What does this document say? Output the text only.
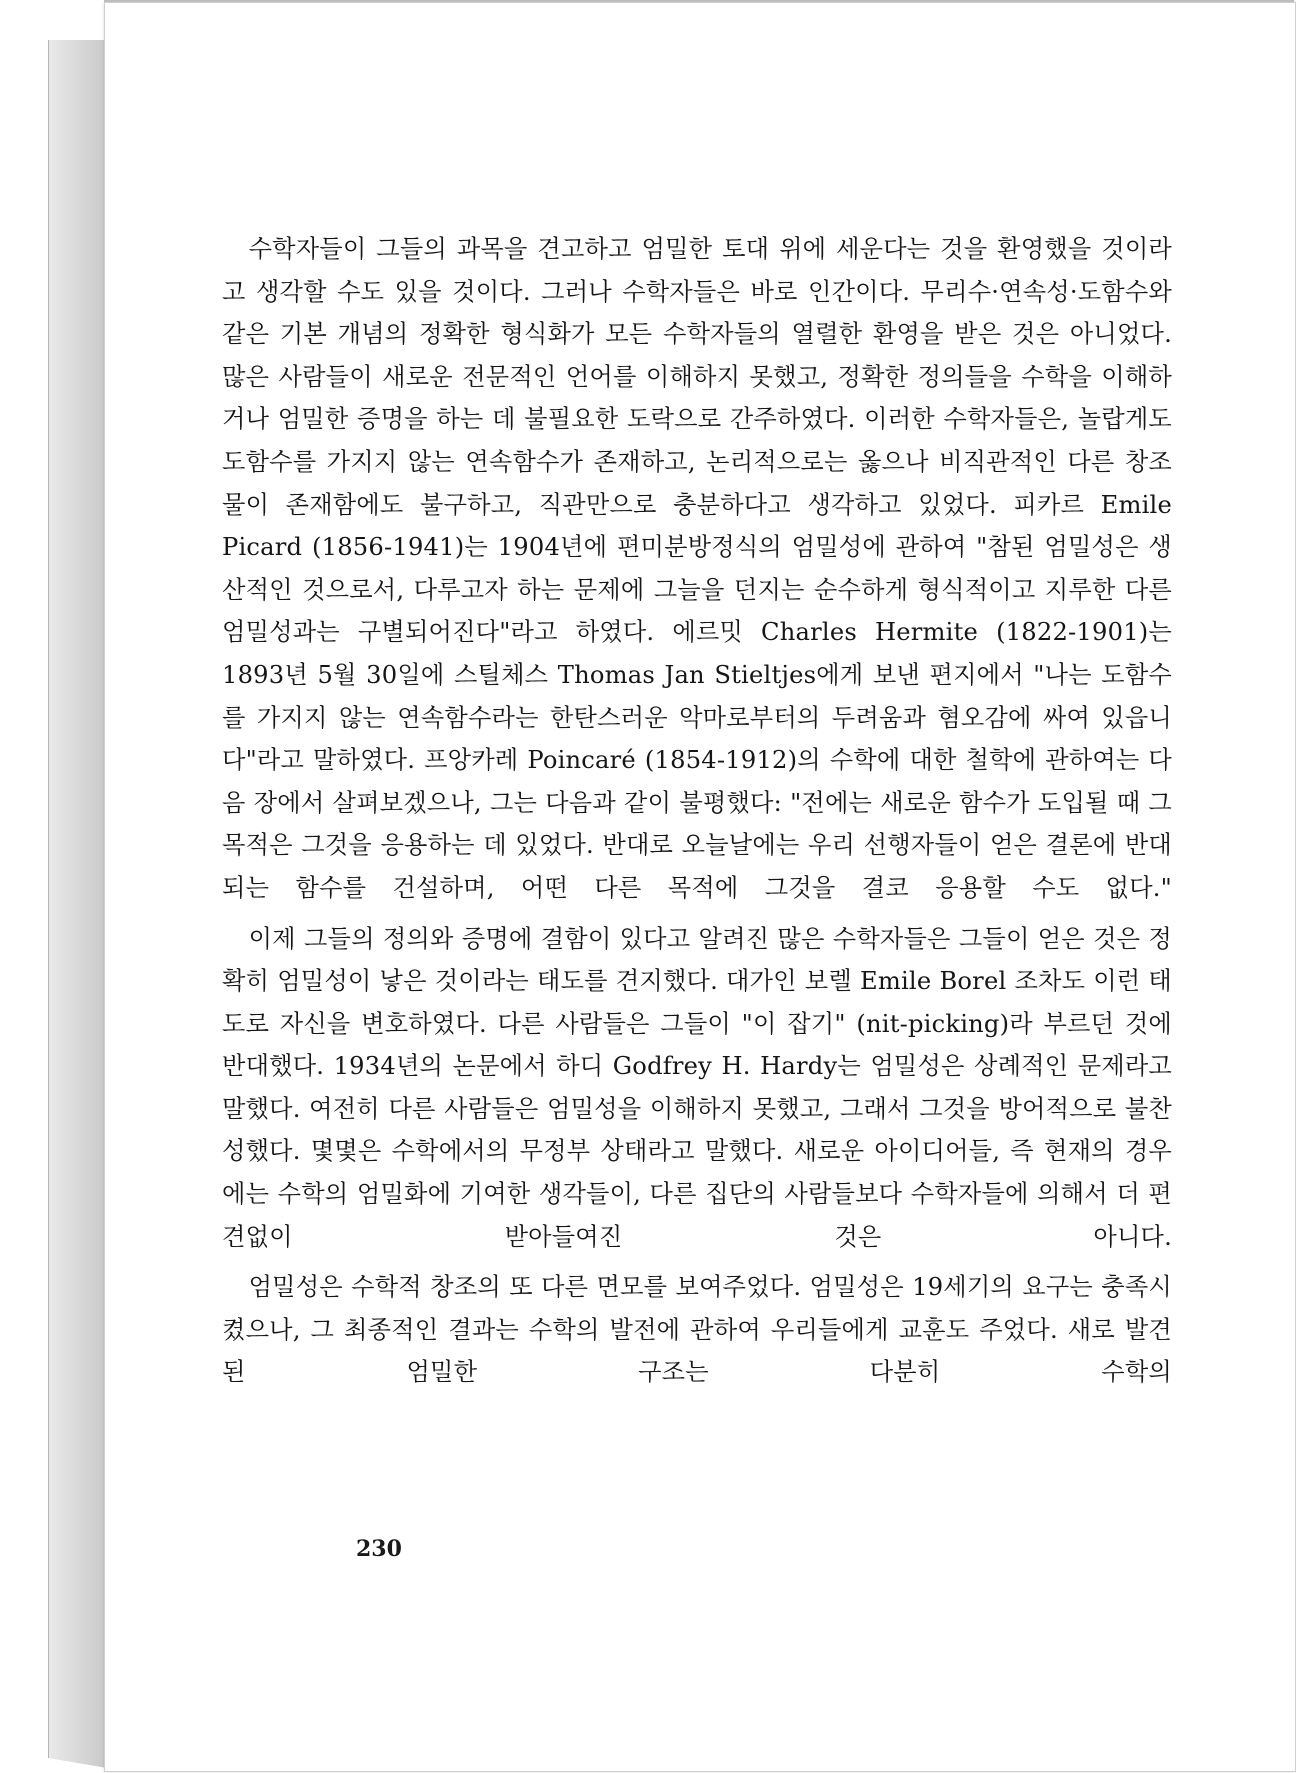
수학자들이 그들의 과목을 견고하고 엄밀한 토대 위에 세운다는 것을 환영했을 것이라고 생각할 수도 있을 것이다. 그러나 수학자들은 바로 인간이다. 무리수·연속성·도함수와 같은 기본 개념의 정확한 형식화가 모든 수학자들의 열렬한 환영을 받은 것은 아니었다. 많은 사람들이 새로운 전문적인 언어를 이해하지 못했고, 정확한 정의들을 수학을 이해하거나 엄밀한 증명을 하는 데 불필요한 도락으로 간주하였다. 이러한 수학자들은, 놀랍게도 도함수를 가지지 않는 연속함수가 존재하고, 논리적으로는 옳으나 비직관적인 다른 창조물이 존재함에도 불구하고, 직관만으로 충분하다고 생각하고 있었다. 피카르 Emile Picard (1856-1941)는 1904년에 편미분방정식의 엄밀성에 관하여 "참된 엄밀성은 생산적인 것으로서, 다루고자 하는 문제에 그늘을 던지는 순수하게 형식적이고 지루한 다른 엄밀성과는 구별되어진다"라고 하였다. 에르밋 Charles Hermite (1822-1901)는 1893년 5월 30일에 스틸체스 Thomas Jan Stieltjes에게 보낸 편지에서 "나는 도함수를 가지지 않는 연속함수라는 한탄스러운 악마로부터의 두려움과 혐오감에 싸여 있읍니다"라고 말하였다. 프앙카레 Poincaré (1854-1912)의 수학에 대한 철학에 관하여는 다음 장에서 살펴보겠으나, 그는 다음과 같이 불평했다: "전에는 새로운 함수가 도입될 때 그 목적은 그것을 응용하는 데 있었다. 반대로 오늘날에는 우리 선행자들이 얻은 결론에 반대되는 함수를 건설하며, 어떤 다른 목적에 그것을 결코 응용할 수도 없다."

이제 그들의 정의와 증명에 결함이 있다고 알려진 많은 수학자들은 그들이 얻은 것은 정확히 엄밀성이 낳은 것이라는 태도를 견지했다. 대가인 보렐 Emile Borel 조차도 이런 태도로 자신을 변호하였다. 다른 사람들은 그들이 "이 잡기" (nit-picking)라 부르던 것에 반대했다. 1934년의 논문에서 하디 Godfrey H. Hardy는 엄밀성은 상례적인 문제라고 말했다. 여전히 다른 사람들은 엄밀성을 이해하지 못했고, 그래서 그것을 방어적으로 불찬성했다. 몇몇은 수학에서의 무정부 상태라고 말했다. 새로운 아이디어들, 즉 현재의 경우에는 수학의 엄밀화에 기여한 생각들이, 다른 집단의 사람들보다 수학자들에 의해서 더 편견없이 받아들여진 것은 아니다.

엄밀성은 수학적 창조의 또 다른 면모를 보여주었다. 엄밀성은 19세기의 요구는 충족시켰으나, 그 최종적인 결과는 수학의 발전에 관하여 우리들에게 교훈도 주었다. 새로 발견된 엄밀한 구조는 다분히 수학의

230
